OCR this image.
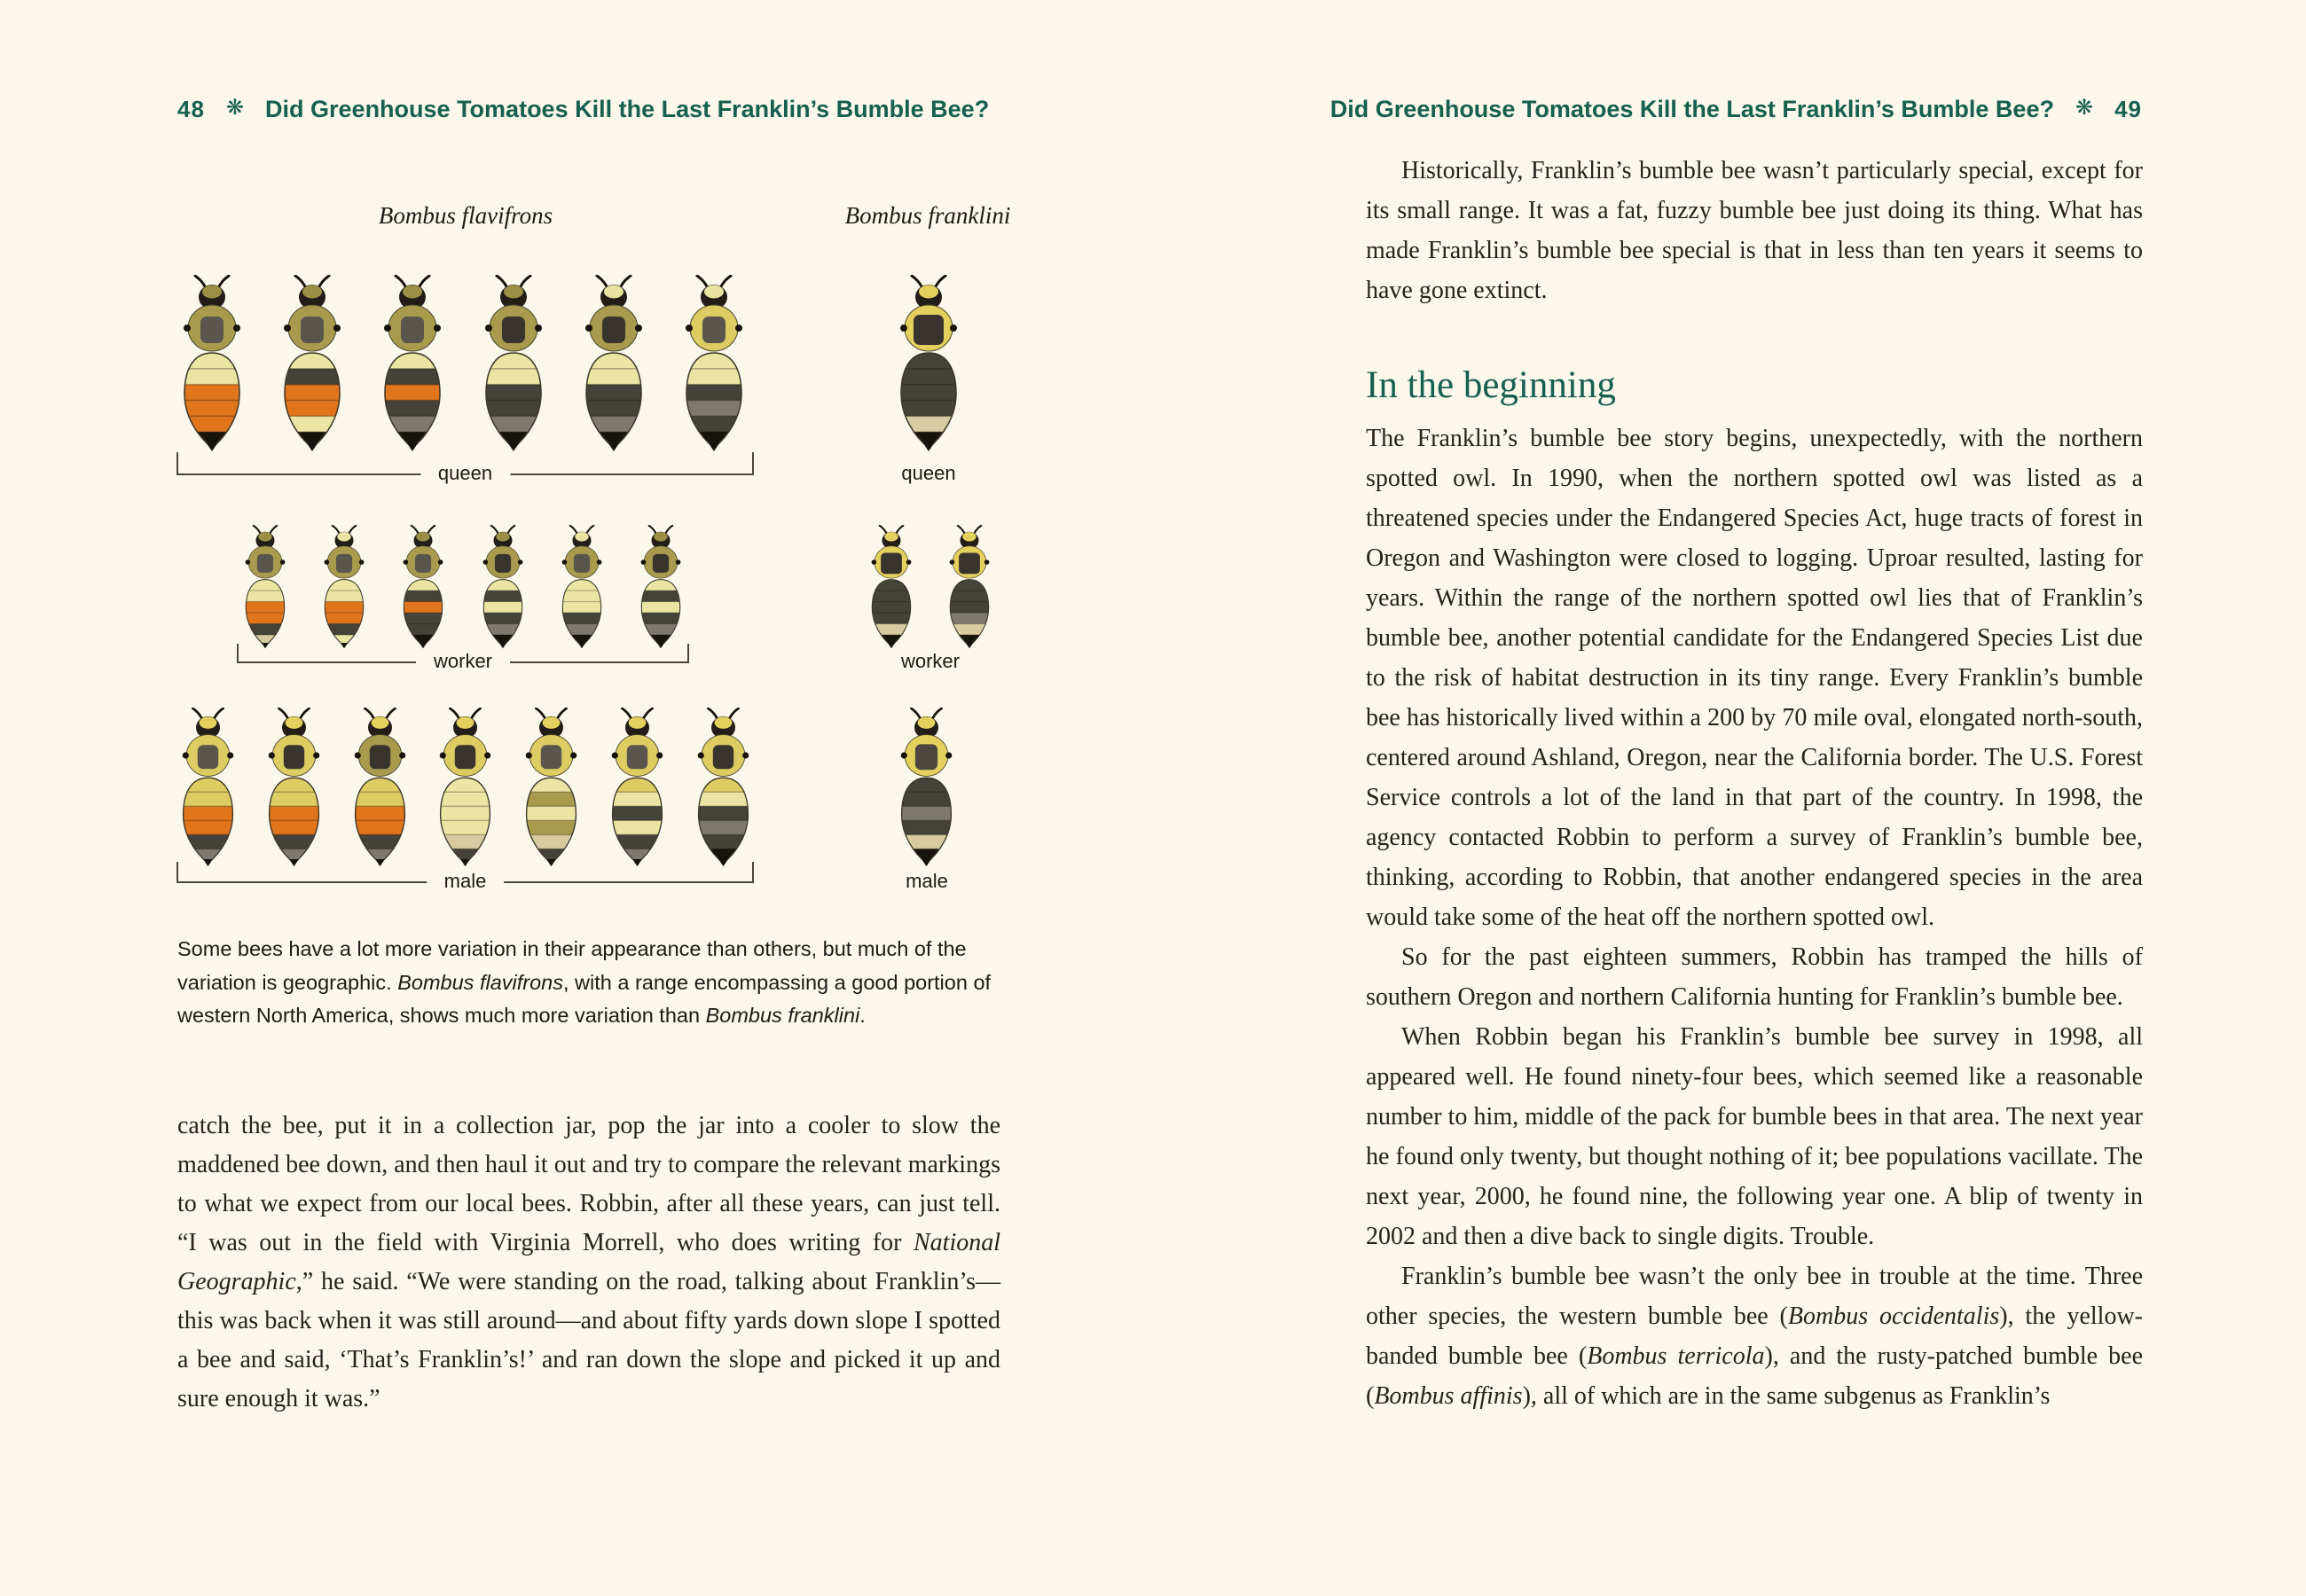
48 ❋ Did Greenhouse Tomatoes Kill the Last Franklin’s Bumble Bee?
Bombus flavifrons	Bombus franklini
queen	queen
worker	worker
male	male
Some bees have a lot more variation in their appearance than others, but much of the variation is geographic. Bombus flavifrons, with a range encompassing a good portion of western North America, shows much more variation than Bombus franklini.
catch the bee, put it in a collection jar, pop the jar into a cooler to slow the maddened bee down, and then haul it out and try to compare the relevant markings to what we expect from our local bees. Robbin, after all these years, can just tell. “I was out in the field with Virginia Morrell, who does writing for National Geographic,” he said. “We were standing on the road, talking about Franklin’s—this was back when it was still around—and about fifty yards down slope I spotted a bee and said, ‘That’s Franklin’s!’ and ran down the slope and picked it up and sure enough it was.”
Did Greenhouse Tomatoes Kill the Last Franklin’s Bumble Bee? ❋ 49

Historically, Franklin’s bumble bee wasn’t particularly special, except for its small range. It was a fat, fuzzy bumble bee just doing its thing. What has made Franklin’s bumble bee special is that in less than ten years it seems to have gone extinct.

In the beginning

The Franklin’s bumble bee story begins, unexpectedly, with the northern spotted owl. In 1990, when the northern spotted owl was listed as a threatened species under the Endangered Species Act, huge tracts of forest in Oregon and Washington were closed to logging. Uproar resulted, lasting for years. Within the range of the northern spotted owl lies that of Franklin’s bumble bee, another potential candidate for the Endangered Species List due to the risk of habitat destruction in its tiny range. Every Franklin’s bumble bee has historically lived within a 200 by 70 mile oval, elongated north-south, centered around Ashland, Oregon, near the California border. The U.S. Forest Service controls a lot of the land in that part of the country. In 1998, the agency contacted Robbin to perform a survey of Franklin’s bumble bee, thinking, according to Robbin, that another endangered species in the area would take some of the heat off the northern spotted owl.

So for the past eighteen summers, Robbin has tramped the hills of southern Oregon and northern California hunting for Franklin’s bumble bee.

When Robbin began his Franklin’s bumble bee survey in 1998, all appeared well. He found ninety-four bees, which seemed like a reasonable number to him, middle of the pack for bumble bees in that area. The next year he found only twenty, but thought nothing of it; bee populations vacillate. The next year, 2000, he found nine, the following year one. A blip of twenty in 2002 and then a dive back to single digits. Trouble.

Franklin’s bumble bee wasn’t the only bee in trouble at the time. Three other species, the western bumble bee (Bombus occidentalis), the yellow-banded bumble bee (Bombus terricola), and the rusty-patched bumble bee (Bombus affinis), all of which are in the same subgenus as Franklin’s
